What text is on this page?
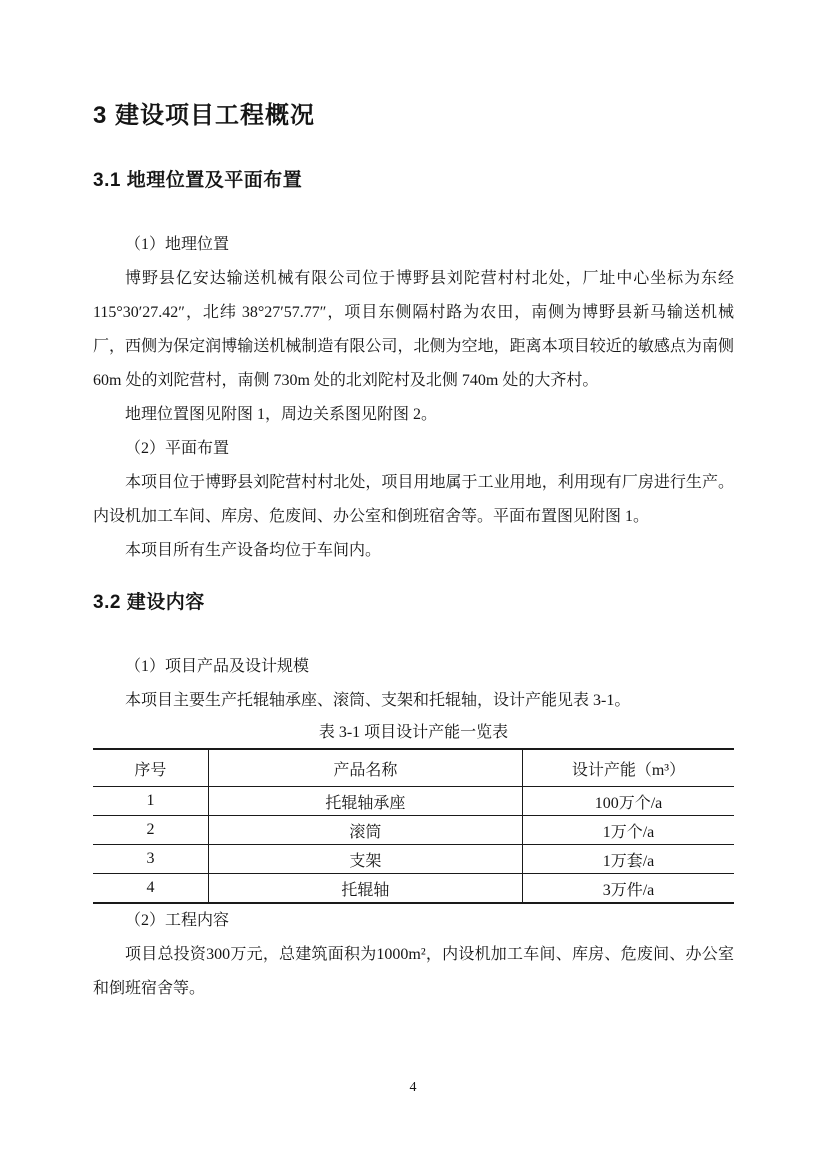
3 建设项目工程概况
3.1 地理位置及平面布置

（1）地理位置

博野县亿安达输送机械有限公司位于博野县刘陀营村村北处，厂址中心坐标为东经115°30′27.42″，北纬 38°27′57.77″，项目东侧隔村路为农田，南侧为博野县新马输送机械厂，西侧为保定润博输送机械制造有限公司，北侧为空地，距离本项目较近的敏感点为南侧 60m 处的刘陀营村，南侧 730m 处的北刘陀村及北侧 740m 处的大齐村。

地理位置图见附图 1，周边关系图见附图 2。

（2）平面布置

本项目位于博野县刘陀营村村北处，项目用地属于工业用地，利用现有厂房进行生产。内设机加工车间、库房、危废间、办公室和倒班宿舍等。平面布置图见附图 1。

本项目所有生产设备均位于车间内。

3.2 建设内容

（1）项目产品及设计规模

本项目主要生产托辊轴承座、滚筒、支架和托辊轴，设计产能见表 3-1。

表 3-1 项目设计产能一览表

序号	产品名称	设计产能（m³）
1	托辊轴承座	100万个/a
2	滚筒	1万个/a
3	支架	1万套/a
4	托辊轴	3万件/a

（2）工程内容

项目总投资300万元，总建筑面积为1000m²，内设机加工车间、库房、危废间、办公室和倒班宿舍等。

4
